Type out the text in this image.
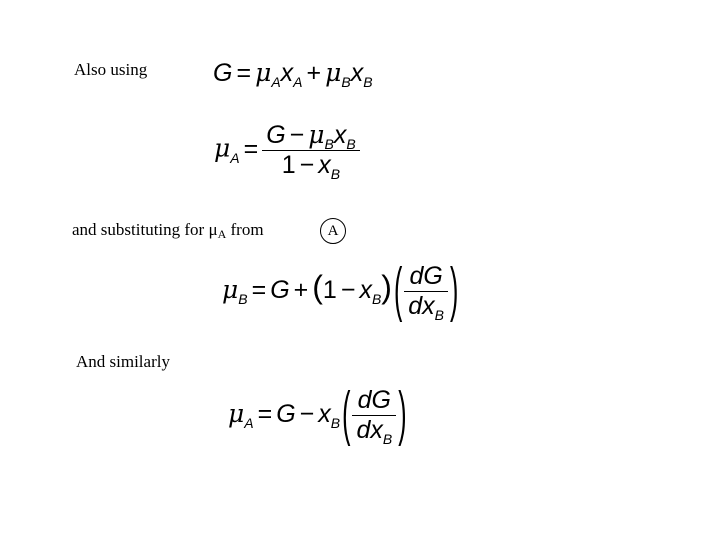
Also using
and substituting for μA from	A
And similarly
$G = \mu_Ax_A + \mu_Bx_B$
$\mu_A = \frac{G - \mu_Bx_B}{1 - x_B}$
$\mu_B = G + (1 - x_B)( \frac{dG}{dx_B}$ )
$\mu_A = G - x_B( \frac{dG}{dx_B}$ )
